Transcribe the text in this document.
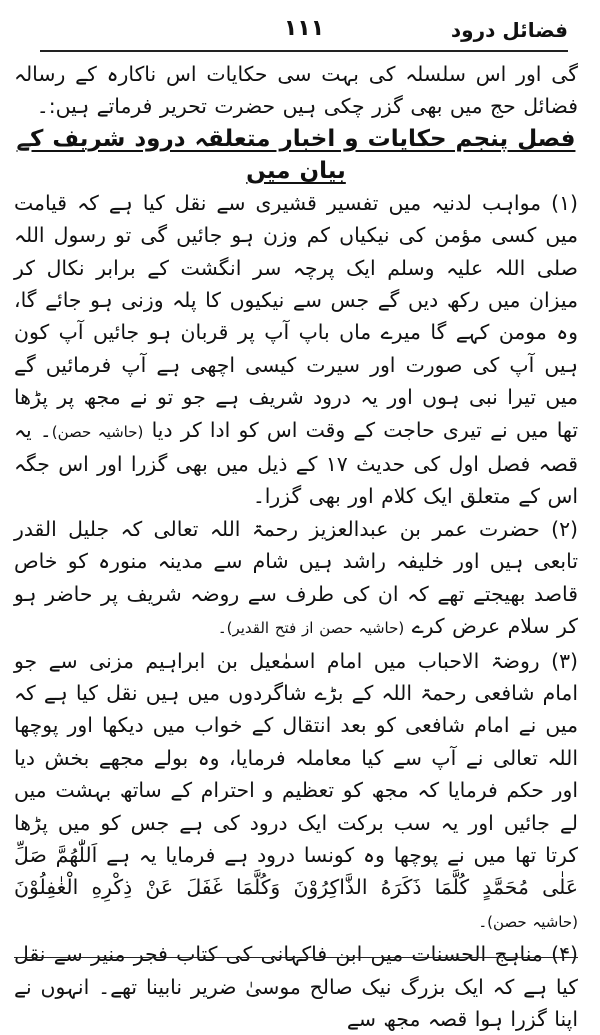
فضائل درود
۱۱۱

گی اور اس سلسلہ کی بہت سی حکایات اس ناکارہ کے رسالہ فضائل حج میں بھی گزر چکی ہیں حضرت تحریر فرماتے ہیں:۔

فصل پنجم حکایات و اخبار متعلقہ درود شریف کے بیان میں

(۱) مواہب لدنیہ میں تفسیر قشیری سے نقل کیا ہے کہ قیامت میں کسی مؤمن کی نیکیاں کم وزن ہو جائیں گی تو رسول اللہ صلی اللہ علیہ وسلم ایک پرچہ سر انگشت کے برابر نکال کر میزان میں رکھ دیں گے جس سے نیکیوں کا پلہ وزنی ہو جائے گا، وہ مومن کہے گا میرے ماں باپ آپ پر قربان ہو جائیں آپ کون ہیں آپ کی صورت اور سیرت کیسی اچھی ہے آپ فرمائیں گے میں تیرا نبی ہوں اور یہ درود شریف ہے جو تو نے مجھ پر پڑھا تھا میں نے تیری حاجت کے وقت اس کو ادا کر دیا (حاشیہ حصن)۔ یہ قصہ فصل اول کی حدیث ۱۷ کے ذیل میں بھی گزرا اور اس جگہ اس کے متعلق ایک کلام اور بھی گزرا۔

(۲) حضرت عمر بن عبدالعزیز رحمۃ اللہ تعالی کہ جلیل القدر تابعی ہیں اور خلیفہ راشد ہیں شام سے مدینہ منورہ کو خاص قاصد بھیجتے تھے کہ ان کی طرف سے روضہ شریف پر حاضر ہو کر سلام عرض کرے (حاشیہ حصن از فتح القدیر)۔

(۳) روضۃ الاحباب میں امام اسمٰعیل بن ابراہیم مزنی سے جو امام شافعی رحمۃ اللہ کے بڑے شاگردوں میں ہیں نقل کیا ہے کہ میں نے امام شافعی کو بعد انتقال کے خواب میں دیکھا اور پوچھا اللہ تعالی نے آپ سے کیا معاملہ فرمایا، وہ بولے مجھے بخش دیا اور حکم فرمایا کہ مجھ کو تعظیم و احترام کے ساتھ بہشت میں لے جائیں اور یہ سب برکت ایک درود کی ہے جس کو میں پڑھا کرتا تھا میں نے پوچھا وہ کونسا درود ہے فرمایا یہ ہے اَللّٰهُمَّ صَلِّ عَلٰی مُحَمَّدٍ كُلَّمَا ذَكَرَهُ الذَّاكِرُوْنَ وَكُلَّمَا غَفَلَ عَنْ ذِكْرِهِ الْغٰفِلُوْنَ (حاشیہ حصن)۔

(۴) مناہج الحسنات میں ابن فاکہانی کی کتاب فجر منیر سے نقل کیا ہے کہ ایک بزرگ نیک صالح موسیٰ ضریر نابینا تھے۔ انہوں نے اپنا گزرا ہوا قصہ مجھ سے
